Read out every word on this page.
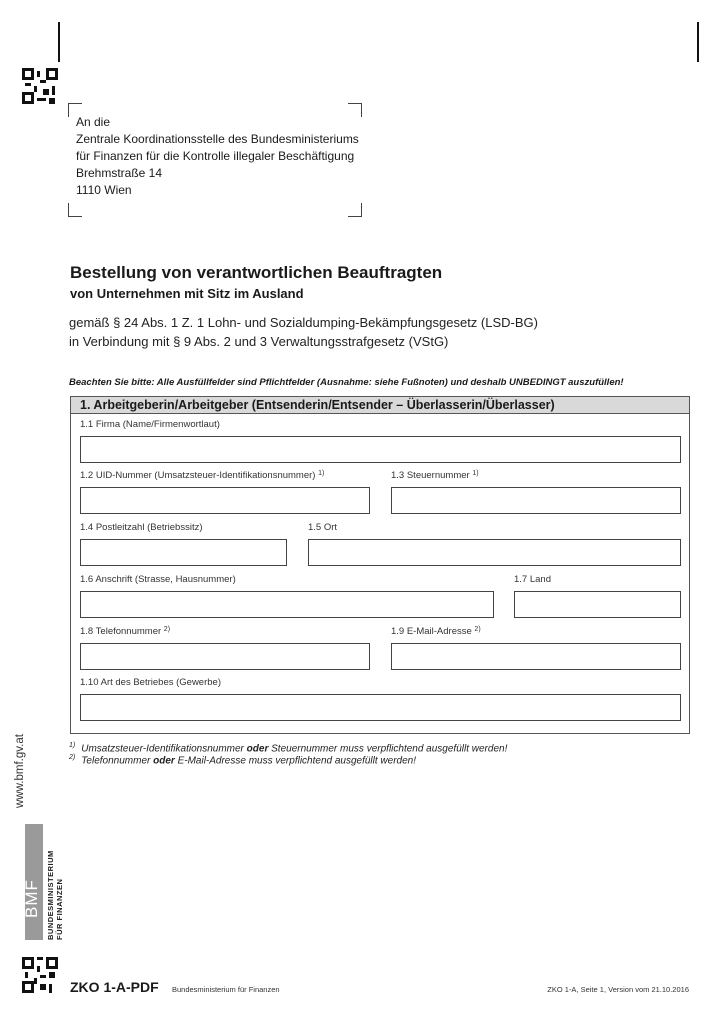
An die
Zentrale Koordinationsstelle des Bundesministeriums
für Finanzen für die Kontrolle illegaler Beschäftigung
Brehmstraße 14
1110 Wien
Bestellung von verantwortlichen Beauftragten
von Unternehmen mit Sitz im Ausland
gemäß § 24 Abs. 1 Z. 1 Lohn- und Sozialdumping-Bekämpfungsgesetz (LSD-BG)
in Verbindung mit § 9 Abs. 2 und 3 Verwaltungsstrafgesetz (VStG)
Beachten Sie bitte: Alle Ausfüllfelder sind Pflichtfelder (Ausnahme: siehe Fußnoten) und deshalb UNBEDINGT auszufüllen!
1. Arbeitgeberin/Arbeitgeber (Entsenderin/Entsender – Überlasserin/Überlasser)
1.1 Firma (Name/Firmenwortlaut)
1.2 UID-Nummer (Umsatzsteuer-Identifikationsnummer) $^{1)}$	1.3 Steuernummer $^{1)}$
1.4 Postleitzahl (Betriebssitz)	1.5 Ort
1.6 Anschrift (Strasse, Hausnummer)	1.7 Land
1.8 Telefonnummer $^{2)}$	1.9 E-Mail-Adresse $^{2)}$
1.10 Art des Betriebes (Gewerbe)
$^{1)}$ Umsatzsteuer-Identifikationsnummer oder Steuernummer muss verpflichtend ausgefüllt werden!
$^{2)}$ Telefonnummer oder E-Mail-Adresse muss verpflichtend ausgefüllt werden!
www.bmf.gv.at
BMF BUNDESMINISTERIUM FÜR FINANZEN
ZKO 1-A-PDF Bundesministerium für Finanzen	ZKO 1-A, Seite 1, Version vom 21.10.2016
